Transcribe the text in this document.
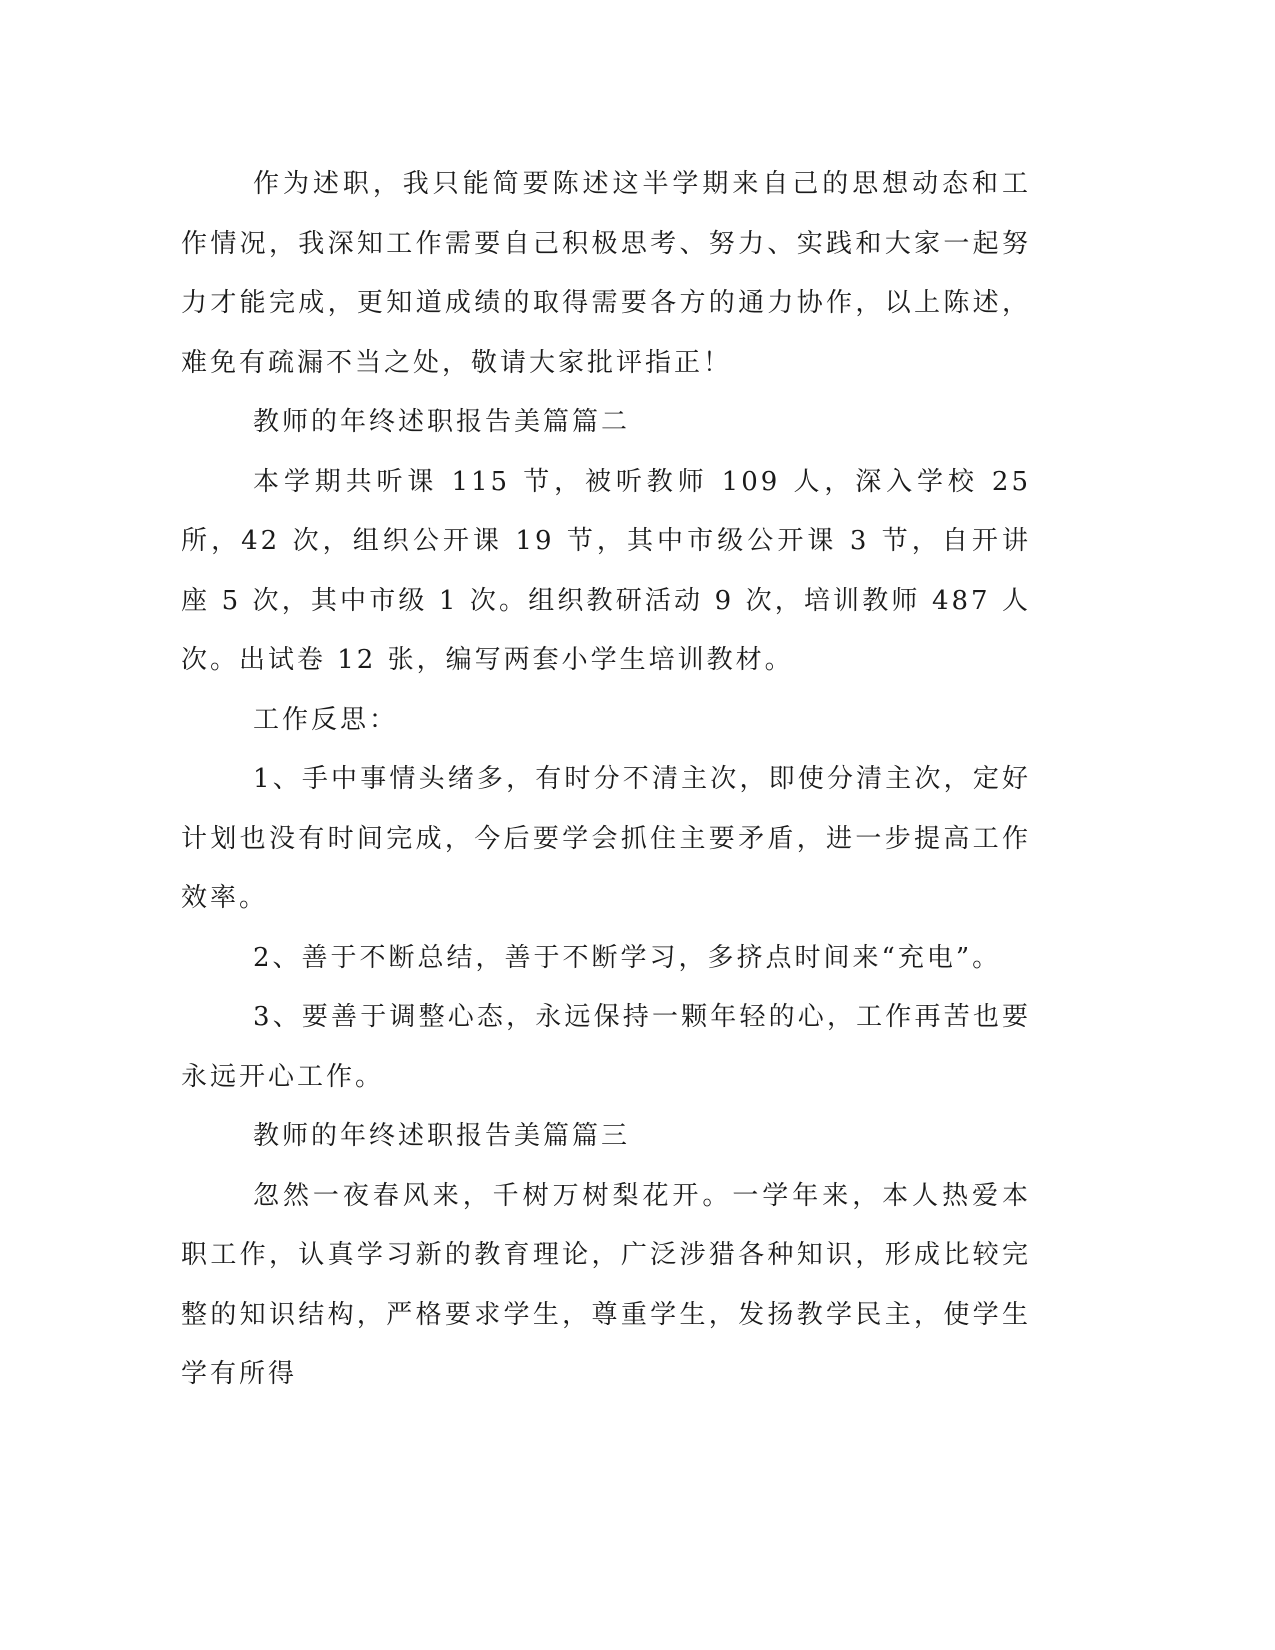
作为述职，我只能简要陈述这半学期来自己的思想动态和工作情况，我深知工作需要自己积极思考、努力、实践和大家一起努力才能完成，更知道成绩的取得需要各方的通力协作，以上陈述，难免有疏漏不当之处，敬请大家批评指正！

教师的年终述职报告美篇篇二

本学期共听课 115 节，被听教师 109 人，深入学校 25 所，42 次，组织公开课 19 节，其中市级公开课 3 节，自开讲座 5 次，其中市级 1 次。组织教研活动 9 次，培训教师 487 人次。出试卷 12 张，编写两套小学生培训教材。

工作反思：

1、手中事情头绪多，有时分不清主次，即使分清主次，定好计划也没有时间完成，今后要学会抓住主要矛盾，进一步提高工作效率。

2、善于不断总结，善于不断学习，多挤点时间来“充电”。

3、要善于调整心态，永远保持一颗年轻的心，工作再苦也要永远开心工作。

教师的年终述职报告美篇篇三

忽然一夜春风来，千树万树梨花开。一学年来，本人热爱本职工作，认真学习新的教育理论，广泛涉猎各种知识，形成比较完整的知识结构，严格要求学生，尊重学生，发扬教学民主，使学生学有所得
